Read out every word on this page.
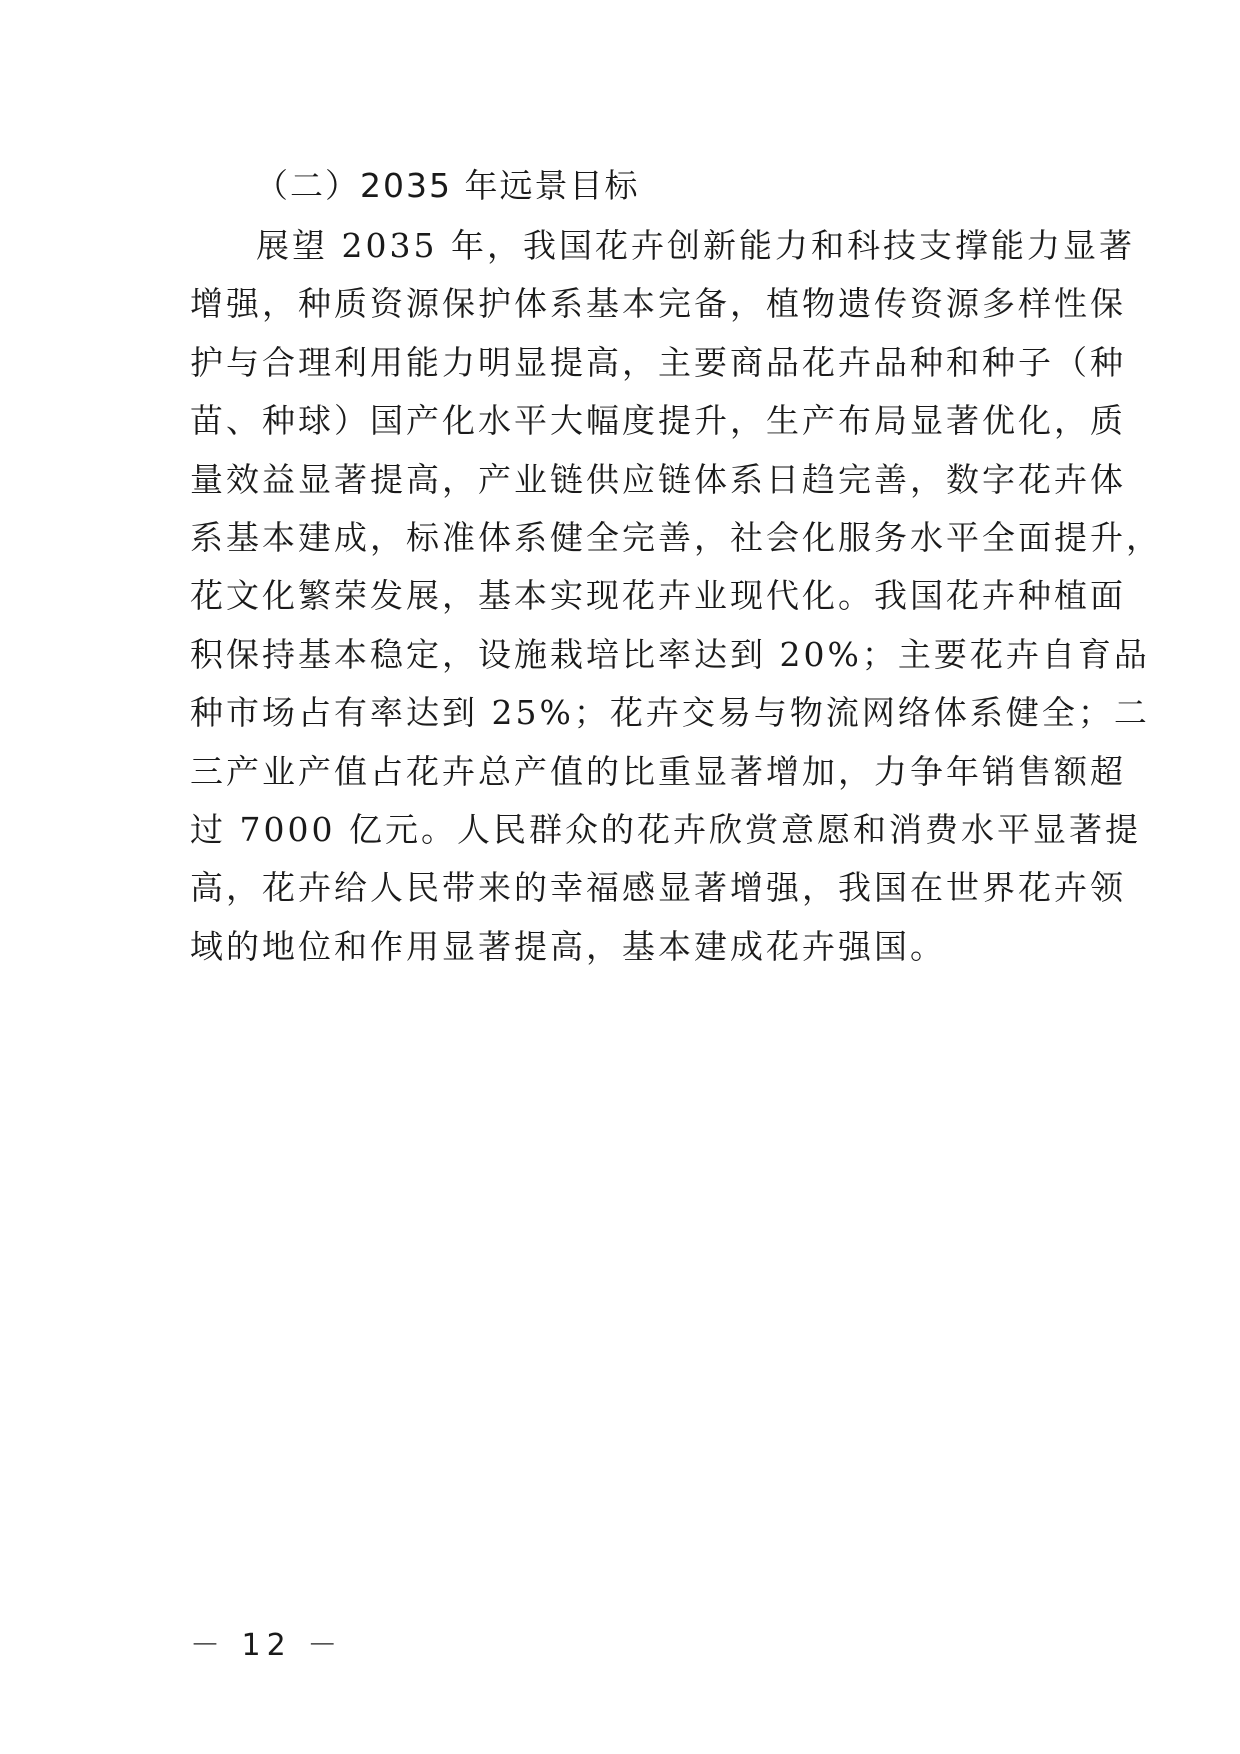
（二）2035 年远景目标
展望 2035 年，我国花卉创新能力和科技支撑能力显著
增强，种质资源保护体系基本完备，植物遗传资源多样性保
护与合理利用能力明显提高，主要商品花卉品种和种子（种
苗、种球）国产化水平大幅度提升，生产布局显著优化，质
量效益显著提高，产业链供应链体系日趋完善，数字花卉体
系基本建成，标准体系健全完善，社会化服务水平全面提升，
花文化繁荣发展，基本实现花卉业现代化。我国花卉种植面
积保持基本稳定，设施栽培比率达到 20%；主要花卉自育品
种市场占有率达到 25%；花卉交易与物流网络体系健全；二
三产业产值占花卉总产值的比重显著增加，力争年销售额超
过 7000 亿元。人民群众的花卉欣赏意愿和消费水平显著提
高，花卉给人民带来的幸福感显著增强，我国在世界花卉领
域的地位和作用显著提高，基本建成花卉强国。
－ 12 －
